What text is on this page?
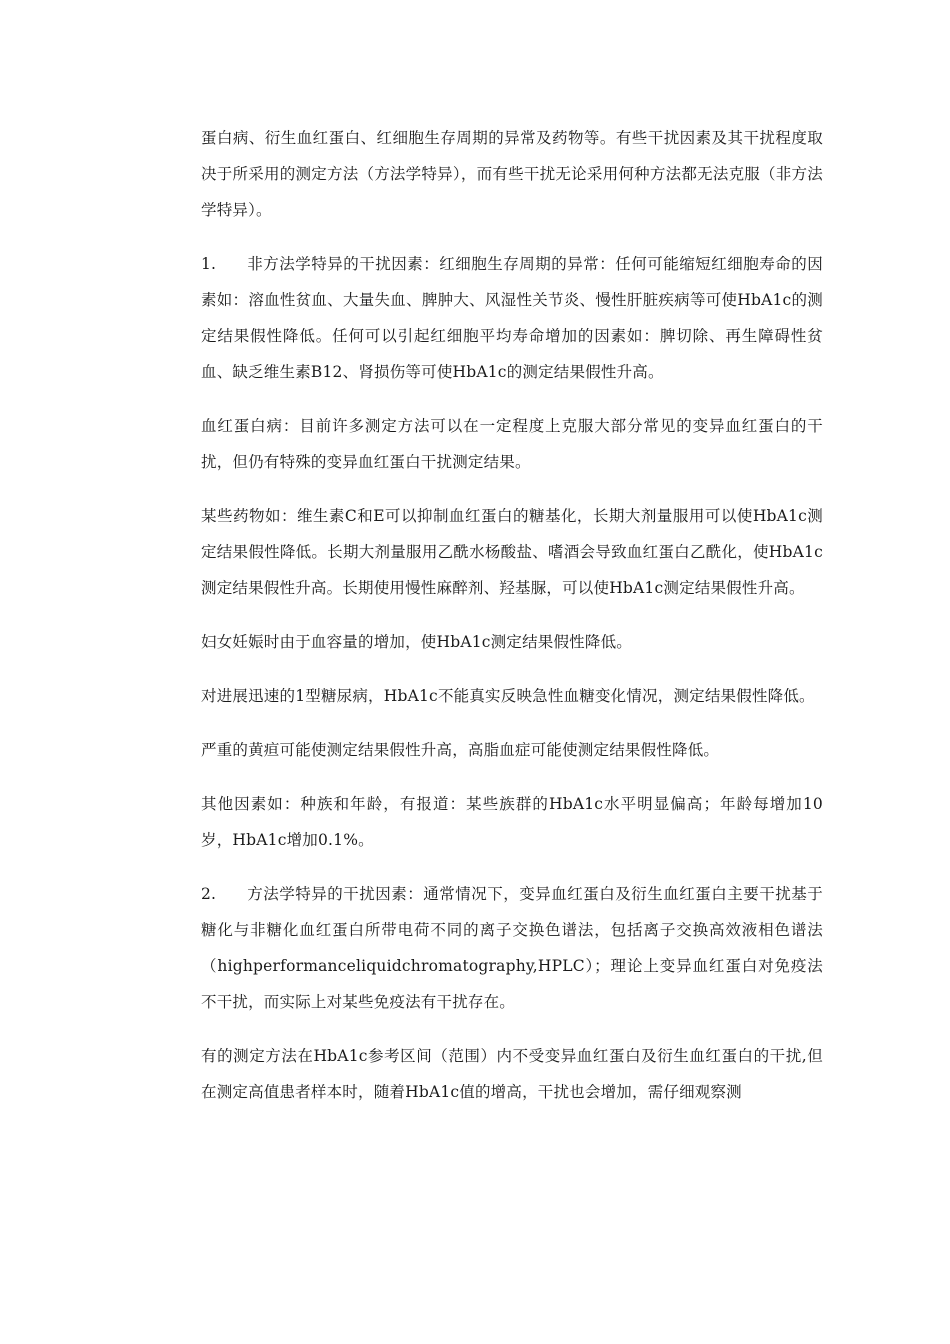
蛋白病、衍生血红蛋白、红细胞生存周期的异常及药物等。有些干扰因素及其干扰程度取决于所采用的测定方法（方法学特异），而有些干扰无论采用何种方法都无法克服（非方法学特异）。

1. 非方法学特异的干扰因素：红细胞生存周期的异常：任何可能缩短红细胞寿命的因素如：溶血性贫血、大量失血、脾肿大、风湿性关节炎、慢性肝脏疾病等可使HbA1c的测定结果假性降低。任何可以引起红细胞平均寿命增加的因素如：脾切除、再生障碍性贫血、缺乏维生素B12、肾损伤等可使HbA1c的测定结果假性升高。

血红蛋白病：目前许多测定方法可以在一定程度上克服大部分常见的变异血红蛋白的干扰，但仍有特殊的变异血红蛋白干扰测定结果。

某些药物如：维生素C和E可以抑制血红蛋白的糖基化，长期大剂量服用可以使HbA1c测定结果假性降低。长期大剂量服用乙酰水杨酸盐、嗜酒会导致血红蛋白乙酰化，使HbA1c测定结果假性升高。长期使用慢性麻醉剂、羟基脲，可以使HbA1c测定结果假性升高。

妇女妊娠时由于血容量的增加，使HbA1c测定结果假性降低。

对进展迅速的1型糖尿病，HbA1c不能真实反映急性血糖变化情况，测定结果假性降低。

严重的黄疸可能使测定结果假性升高，高脂血症可能使测定结果假性降低。

其他因素如：种族和年龄，有报道：某些族群的HbA1c水平明显偏高；年龄每增加10岁，HbA1c增加0.1%。

2. 方法学特异的干扰因素：通常情况下，变异血红蛋白及衍生血红蛋白主要干扰基于糖化与非糖化血红蛋白所带电荷不同的离子交换色谱法，包括离子交换高效液相色谱法（highperformanceliquidchromatography,HPLC）；理论上变异血红蛋白对免疫法不干扰，而实际上对某些免疫法有干扰存在。

有的测定方法在HbA1c参考区间（范围）内不受变异血红蛋白及衍生血红蛋白的干扰,但在测定高值患者样本时，随着HbA1c值的增高，干扰也会增加，需仔细观察测
